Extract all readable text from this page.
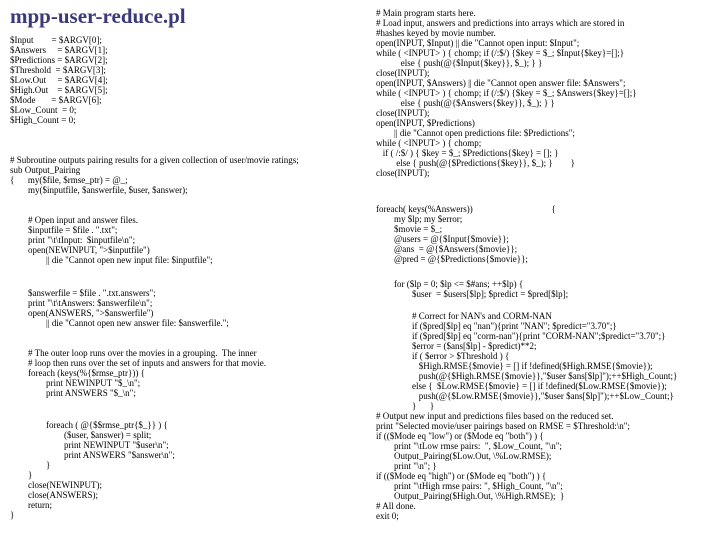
mpp-user-reduce.pl
$Input        = $ARGV[0];
$Answers     = $ARGV[1];
$Predictions = $ARGV[2];
$Threshold  = $ARGV[3];
$Low.Out     = $ARGV[4];
$High.Out    = $ARGV[5];
$Mode       = $ARGV[6];
$Low_Count  = 0;
$High_Count = 0;
# Subroutine outputs pairing results for a given collection of user/movie ratings;
sub Output_Pairing
{      my($file, $rmse_ptr) = @_;
my($inputfile, $answerfile, $user, $answer);
# Open input and answer files.
$inputfile = $file . ".txt";
print "\t\tInput:  $inputfile\n";
open(NEWINPUT, ">$inputfile")
|| die "Cannot open new input file: $inputfile";
$answerfile = $file . ".txt.answers";
print "\t\tAnswers: $answerfile\n";
open(ANSWERS, ">$answerfile")
|| die "Cannot open new answer file: $answerfile.";
# The outer loop runs over the movies in a grouping.  The inner
# loop then runs over the set of inputs and answers for that movie.
foreach (keys(%{$rmse_ptr})) {
print NEWINPUT "$_\n";
print ANSWERS "$_\n";
foreach ( @{$$rmse_ptr{$_}} ) {
($user, $answer) = split;
print NEWINPUT "$user\n";
print ANSWERS "$answer\n";
}
}
close(NEWINPUT);
close(ANSWERS);
return;
}
# Main program starts here.
# Load input, answers and predictions into arrays which are stored in
#hashes keyed by movie number.
open(INPUT, $Input) || die "Cannot open input: $Input";
while ( <INPUT> ) { chomp; if (/:$/) {$key = $_; $Input{$key}=[];}
else { push(@{$Input{$key}}, $_); } }
close(INPUT);
open(INPUT, $Answers) || die "Cannot open answer file: $Answers";
while ( <INPUT> ) { chomp; if (/:$/) {$key = $_; $Answers{$key}=[];}
else { push(@{$Answers{$key}}, $_); } }
close(INPUT);
open(INPUT, $Predictions)
|| die "Cannot open predictions file: $Predictions";
while ( <INPUT> ) { chomp;
if ( /:$/ ) { $key = $_; $Predictions{$key} = []; }
else { push(@{$Predictions{$key}}, $_); }        }
close(INPUT);
foreach( keys(%Answers))                                   {
my $lp; my $error;
$movie = $_;
@users = @{$Input{$movie}};
@ans  = @{$Answers{$movie}};
@pred = @{$Predictions{$movie}};
for ($lp = 0; $lp <= $#ans; ++$lp) {
$user  = $users[$lp]; $predict = $pred[$lp];
# Correct for NAN's and CORM-NAN
if ($pred[$lp] eq "nan"){print "NAN"; $predict="3.70";}
if ($pred[$lp] eq "corm-nan"){print "CORM-NAN";$predict="3.70";}
$error = ($ans[$lp] - $predict)**2;
if ( $error > $Threshold ) {
$High.RMSE{$movie} = [] if !defined($High.RMSE{$movie});
push(@{$High.RMSE{$movie}},"$user $ans[$lp]");++$High_Count;}
else {  $Low.RMSE{$movie} = [] if !defined($Low.RMSE{$movie});
push(@{$Low.RMSE{$movie}},"$user $ans[$lp]");++$Low_Count;}
}      }
# Output new input and predictions files based on the reduced set.
print "Selected movie/user pairings based on RMSE = $Threshold:\n";
if (($Mode eq "low") or ($Mode eq "both") ) {
print "\tLow rmse pairs:  ", $Low_Count, "\n";
Output_Pairing($Low.Out, \%Low.RMSE);
print "\n"; }
if (($Mode eq "high") or ($Mode eq "both") ) {
print "\tHigh rmse pairs: ", $High_Count, "\n";
Output_Pairing($High.Out, \%High.RMSE);  }
# All done.
exit 0;
